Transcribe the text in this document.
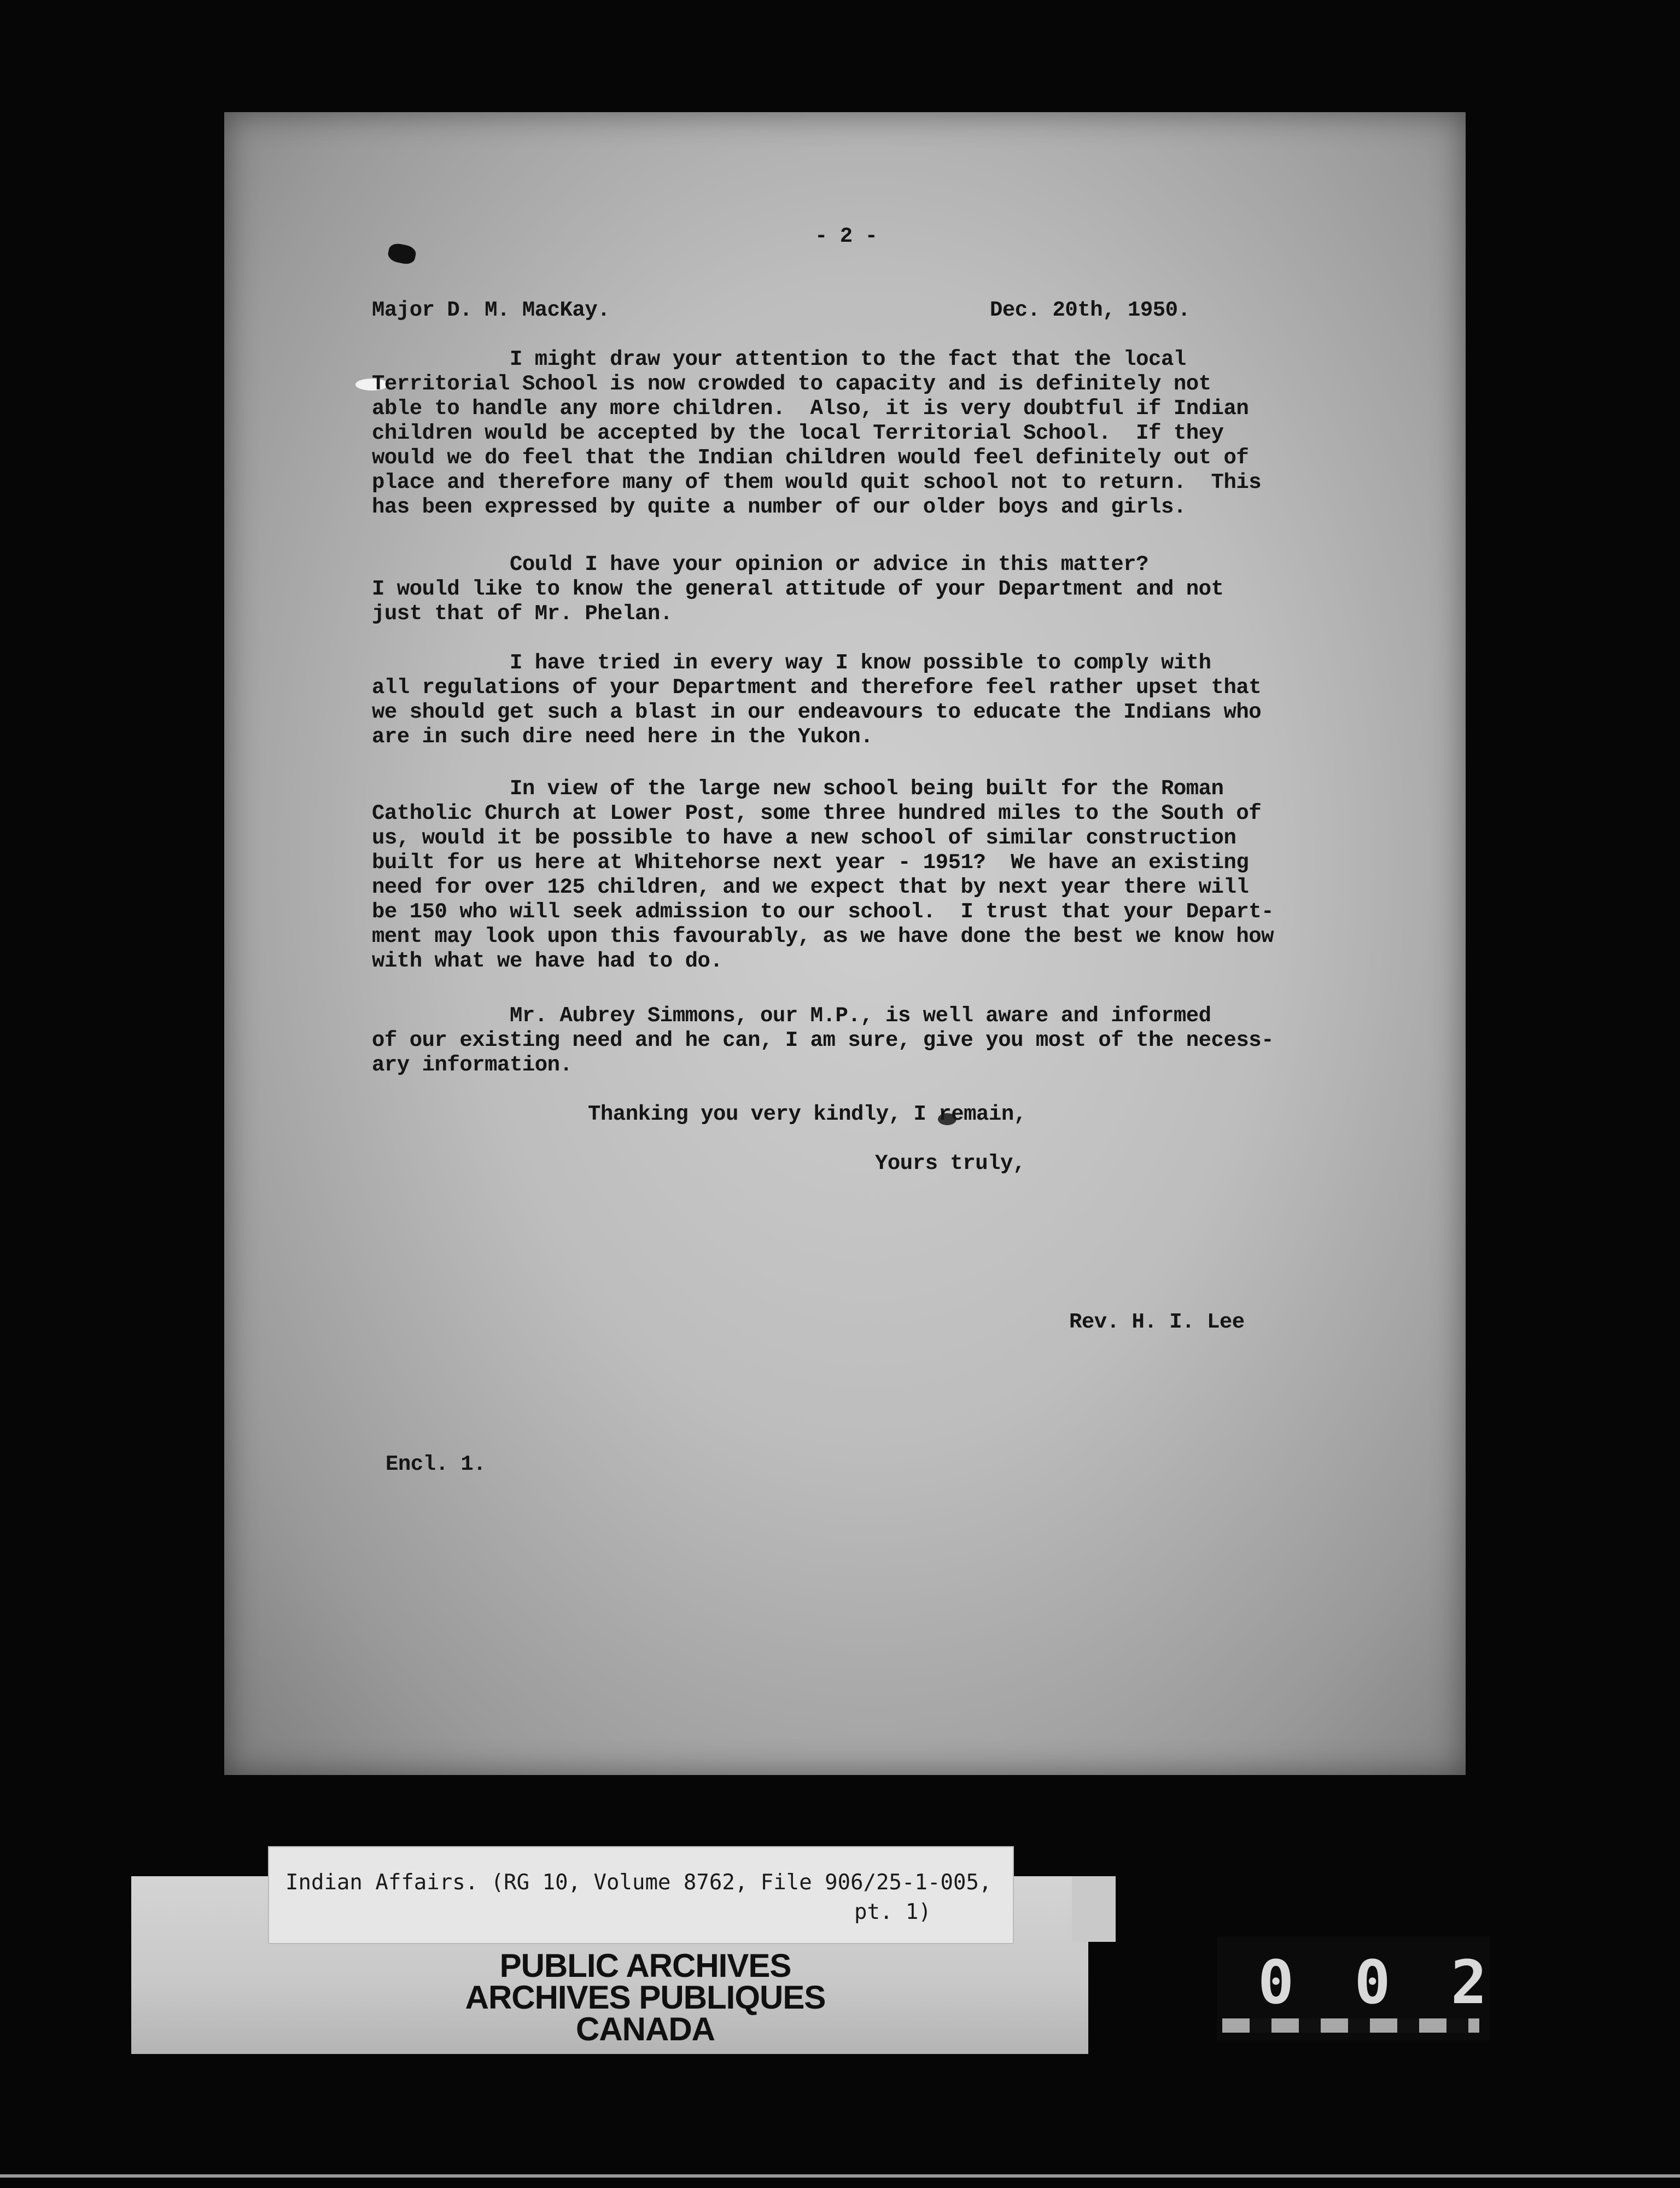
- 2 -
Major D. M. MacKay.	Dec. 20th, 1950.
I might draw your attention to the fact that the local
Territorial School is now crowded to capacity and is definitely not
able to handle any more children.  Also, it is very doubtful if Indian
children would be accepted by the local Territorial School.  If they
would we do feel that the Indian children would feel definitely out of
place and therefore many of them would quit school not to return.  This
has been expressed by quite a number of our older boys and girls.
Could I have your opinion or advice in this matter?
I would like to know the general attitude of your Department and not
just that of Mr. Phelan.
I have tried in every way I know possible to comply with
all regulations of your Department and therefore feel rather upset that
we should get such a blast in our endeavours to educate the Indians who
are in such dire need here in the Yukon.
In view of the large new school being built for the Roman
Catholic Church at Lower Post, some three hundred miles to the South of
us, would it be possible to have a new school of similar construction
built for us here at Whitehorse next year - 1951?  We have an existing
need for over 125 children, and we expect that by next year there will
be 150 who will seek admission to our school.  I trust that your Depart-
ment may look upon this favourably, as we have done the best we know how
with what we have had to do.
Mr. Aubrey Simmons, our M.P., is well aware and informed
of our existing need and he can, I am sure, give you most of the necess-
ary information.
Thanking you very kindly, I remain,
Yours truly,
Rev. H. I. Lee
Encl. 1.
Indian Affairs. (RG 10, Volume 8762, File 906/25-1-005,
pt. 1)
PUBLIC ARCHIVES
ARCHIVES PUBLIQUES
CANADA
0 0 2
